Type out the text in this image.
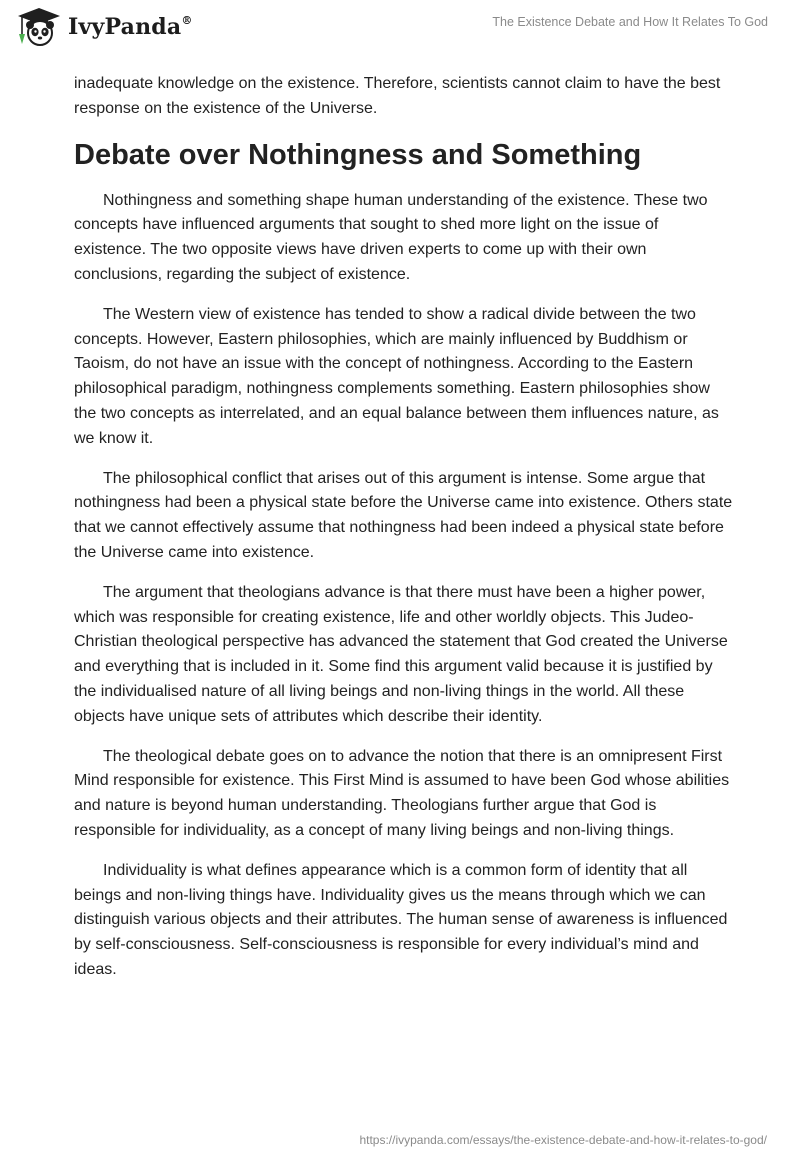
IvyPanda®	The Existence Debate and How It Relates To God

inadequate knowledge on the existence. Therefore, scientists cannot claim to have the best response on the existence of the Universe.

Debate over Nothingness and Something

Nothingness and something shape human understanding of the existence. These two concepts have influenced arguments that sought to shed more light on the issue of existence. The two opposite views have driven experts to come up with their own conclusions, regarding the subject of existence.

The Western view of existence has tended to show a radical divide between the two concepts. However, Eastern philosophies, which are mainly influenced by Buddhism or Taoism, do not have an issue with the concept of nothingness. According to the Eastern philosophical paradigm, nothingness complements something. Eastern philosophies show the two concepts as interrelated, and an equal balance between them influences nature, as we know it.

The philosophical conflict that arises out of this argument is intense. Some argue that nothingness had been a physical state before the Universe came into existence. Others state that we cannot effectively assume that nothingness had been indeed a physical state before the Universe came into existence.

The argument that theologians advance is that there must have been a higher power, which was responsible for creating existence, life and other worldly objects. This Judeo-Christian theological perspective has advanced the statement that God created the Universe and everything that is included in it. Some find this argument valid because it is justified by the individualised nature of all living beings and non-living things in the world. All these objects have unique sets of attributes which describe their identity.

The theological debate goes on to advance the notion that there is an omnipresent First Mind responsible for existence. This First Mind is assumed to have been God whose abilities and nature is beyond human understanding. Theologians further argue that God is responsible for individuality, as a concept of many living beings and non-living things.

Individuality is what defines appearance which is a common form of identity that all beings and non-living things have. Individuality gives us the means through which we can distinguish various objects and their attributes. The human sense of awareness is influenced by self-consciousness. Self-consciousness is responsible for every individual’s mind and ideas.

https://ivypanda.com/essays/the-existence-debate-and-how-it-relates-to-god/
